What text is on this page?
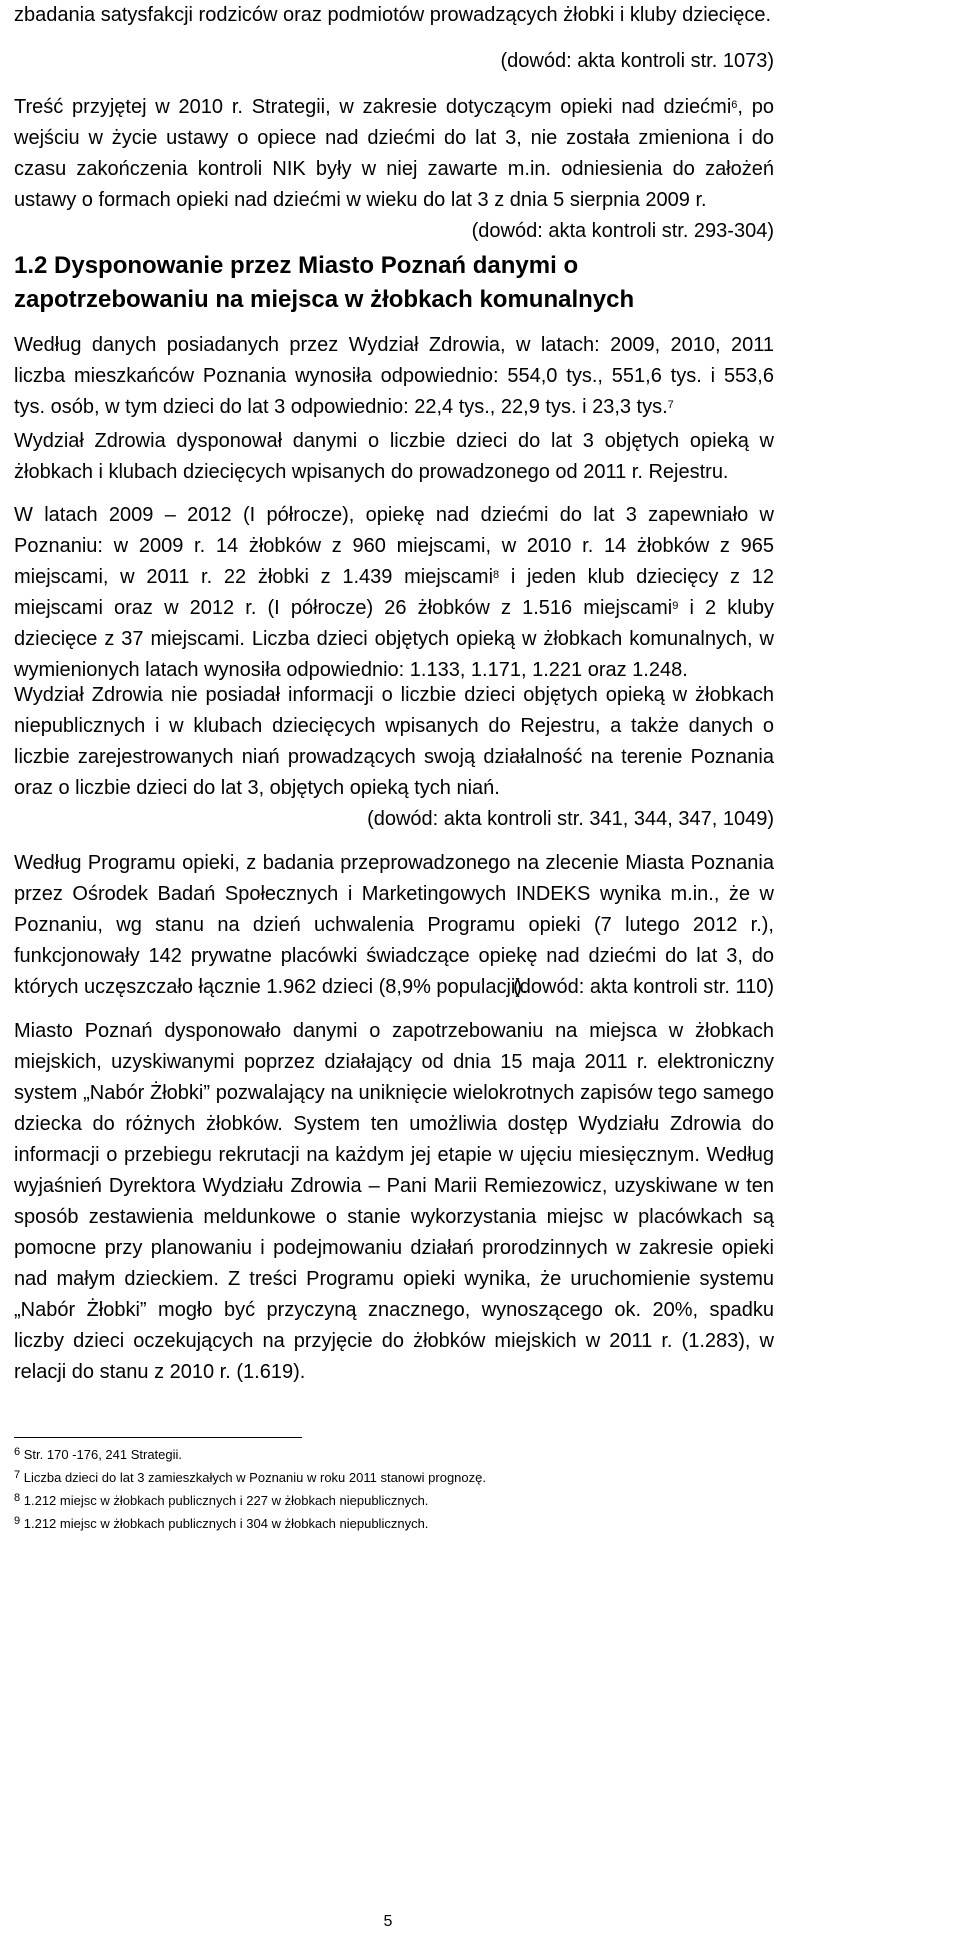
zbadania satysfakcji rodziców oraz podmiotów prowadzących żłobki i kluby dziecięce.

(dowód: akta kontroli str. 1073)

Treść przyjętej w 2010 r. Strategii, w zakresie dotyczącym opieki nad dziećmi$^6$, po wejściu w życie ustawy o opiece nad dziećmi do lat 3, nie została zmieniona i do czasu zakończenia kontroli NIK były w niej zawarte m.in. odniesienia do założeń ustawy o formach opieki nad dziećmi w wieku do lat 3 z dnia 5 sierpnia 2009 r.

(dowód: akta kontroli str. 293-304)
1.2 Dysponowanie przez Miasto Poznań danymi o zapotrzebowaniu na miejsca w żłobkach komunalnych

Według danych posiadanych przez Wydział Zdrowia, w latach: 2009, 2010, 2011 liczba mieszkańców Poznania wynosiła odpowiednio: 554,0 tys., 551,6 tys. i 553,6 tys. osób, w tym dzieci do lat 3 odpowiednio: 22,4 tys., 22,9 tys. i 23,3 tys.$^7$

Wydział Zdrowia dysponował danymi o liczbie dzieci do lat 3 objętych opieką w żłobkach i klubach dziecięcych wpisanych do prowadzonego od 2011 r. Rejestru.

W latach 2009 – 2012 (I półrocze), opiekę nad dziećmi do lat 3 zapewniało w Poznaniu: w 2009 r. 14 żłobków z 960 miejscami, w 2010 r. 14 żłobków z 965 miejscami, w 2011 r. 22 żłobki z 1.439 miejscami$^8$ i jeden klub dziecięcy z 12 miejscami oraz w 2012 r. (I półrocze) 26 żłobków z 1.516 miejscami$^9$ i 2 kluby dziecięce z 37 miejscami. Liczba dzieci objętych opieką w żłobkach komunalnych, w wymienionych latach wynosiła odpowiednio: 1.133, 1.171, 1.221 oraz 1.248.

Wydział Zdrowia nie posiadał informacji o liczbie dzieci objętych opieką w żłobkach niepublicznych i w klubach dziecięcych wpisanych do Rejestru, a także danych o liczbie zarejestrowanych niań prowadzących swoją działalność na terenie Poznania oraz o liczbie dzieci do lat 3, objętych opieką tych niań.

(dowód: akta kontroli str. 341, 344, 347, 1049)

Według Programu opieki, z badania przeprowadzonego na zlecenie Miasta Poznania przez Ośrodek Badań Społecznych i Marketingowych INDEKS wynika m.in., że w Poznaniu, wg stanu na dzień uchwalenia Programu opieki (7 lutego 2012 r.), funkcjonowały 142 prywatne placówki świadczące opiekę nad dziećmi do lat 3, do których uczęszczało łącznie 1.962 dzieci (8,9% populacji).

(dowód: akta kontroli str. 110)

Miasto Poznań dysponowało danymi o zapotrzebowaniu na miejsca w żłobkach miejskich, uzyskiwanymi poprzez działający od dnia 15 maja 2011 r. elektroniczny system „Nabór Żłobki” pozwalający na uniknięcie wielokrotnych zapisów tego samego dziecka do różnych żłobków. System ten umożliwia dostęp Wydziału Zdrowia do informacji o przebiegu rekrutacji na każdym jej etapie w ujęciu miesięcznym. Według wyjaśnień Dyrektora Wydziału Zdrowia – Pani Marii Remiezowicz, uzyskiwane w ten sposób zestawienia meldunkowe o stanie wykorzystania miejsc w placówkach są pomocne przy planowaniu i podejmowaniu działań prorodzinnych w zakresie opieki nad małym dzieckiem. Z treści Programu opieki wynika, że uruchomienie systemu „Nabór Żłobki” mogło być przyczyną znacznego, wynoszącego ok. 20%, spadku liczby dzieci oczekujących na przyjęcie do żłobków miejskich w 2011 r. (1.283), w relacji do stanu z 2010 r. (1.619).

$^6$ Str. 170 -176, 241 Strategii.
$^7$ Liczba dzieci do lat 3 zamieszkałych w Poznaniu w roku 2011 stanowi prognozę.
$^8$ 1.212 miejsc w żłobkach publicznych i 227 w żłobkach niepublicznych.
$^9$ 1.212 miejsc w żłobkach publicznych i 304 w żłobkach niepublicznych.
5
